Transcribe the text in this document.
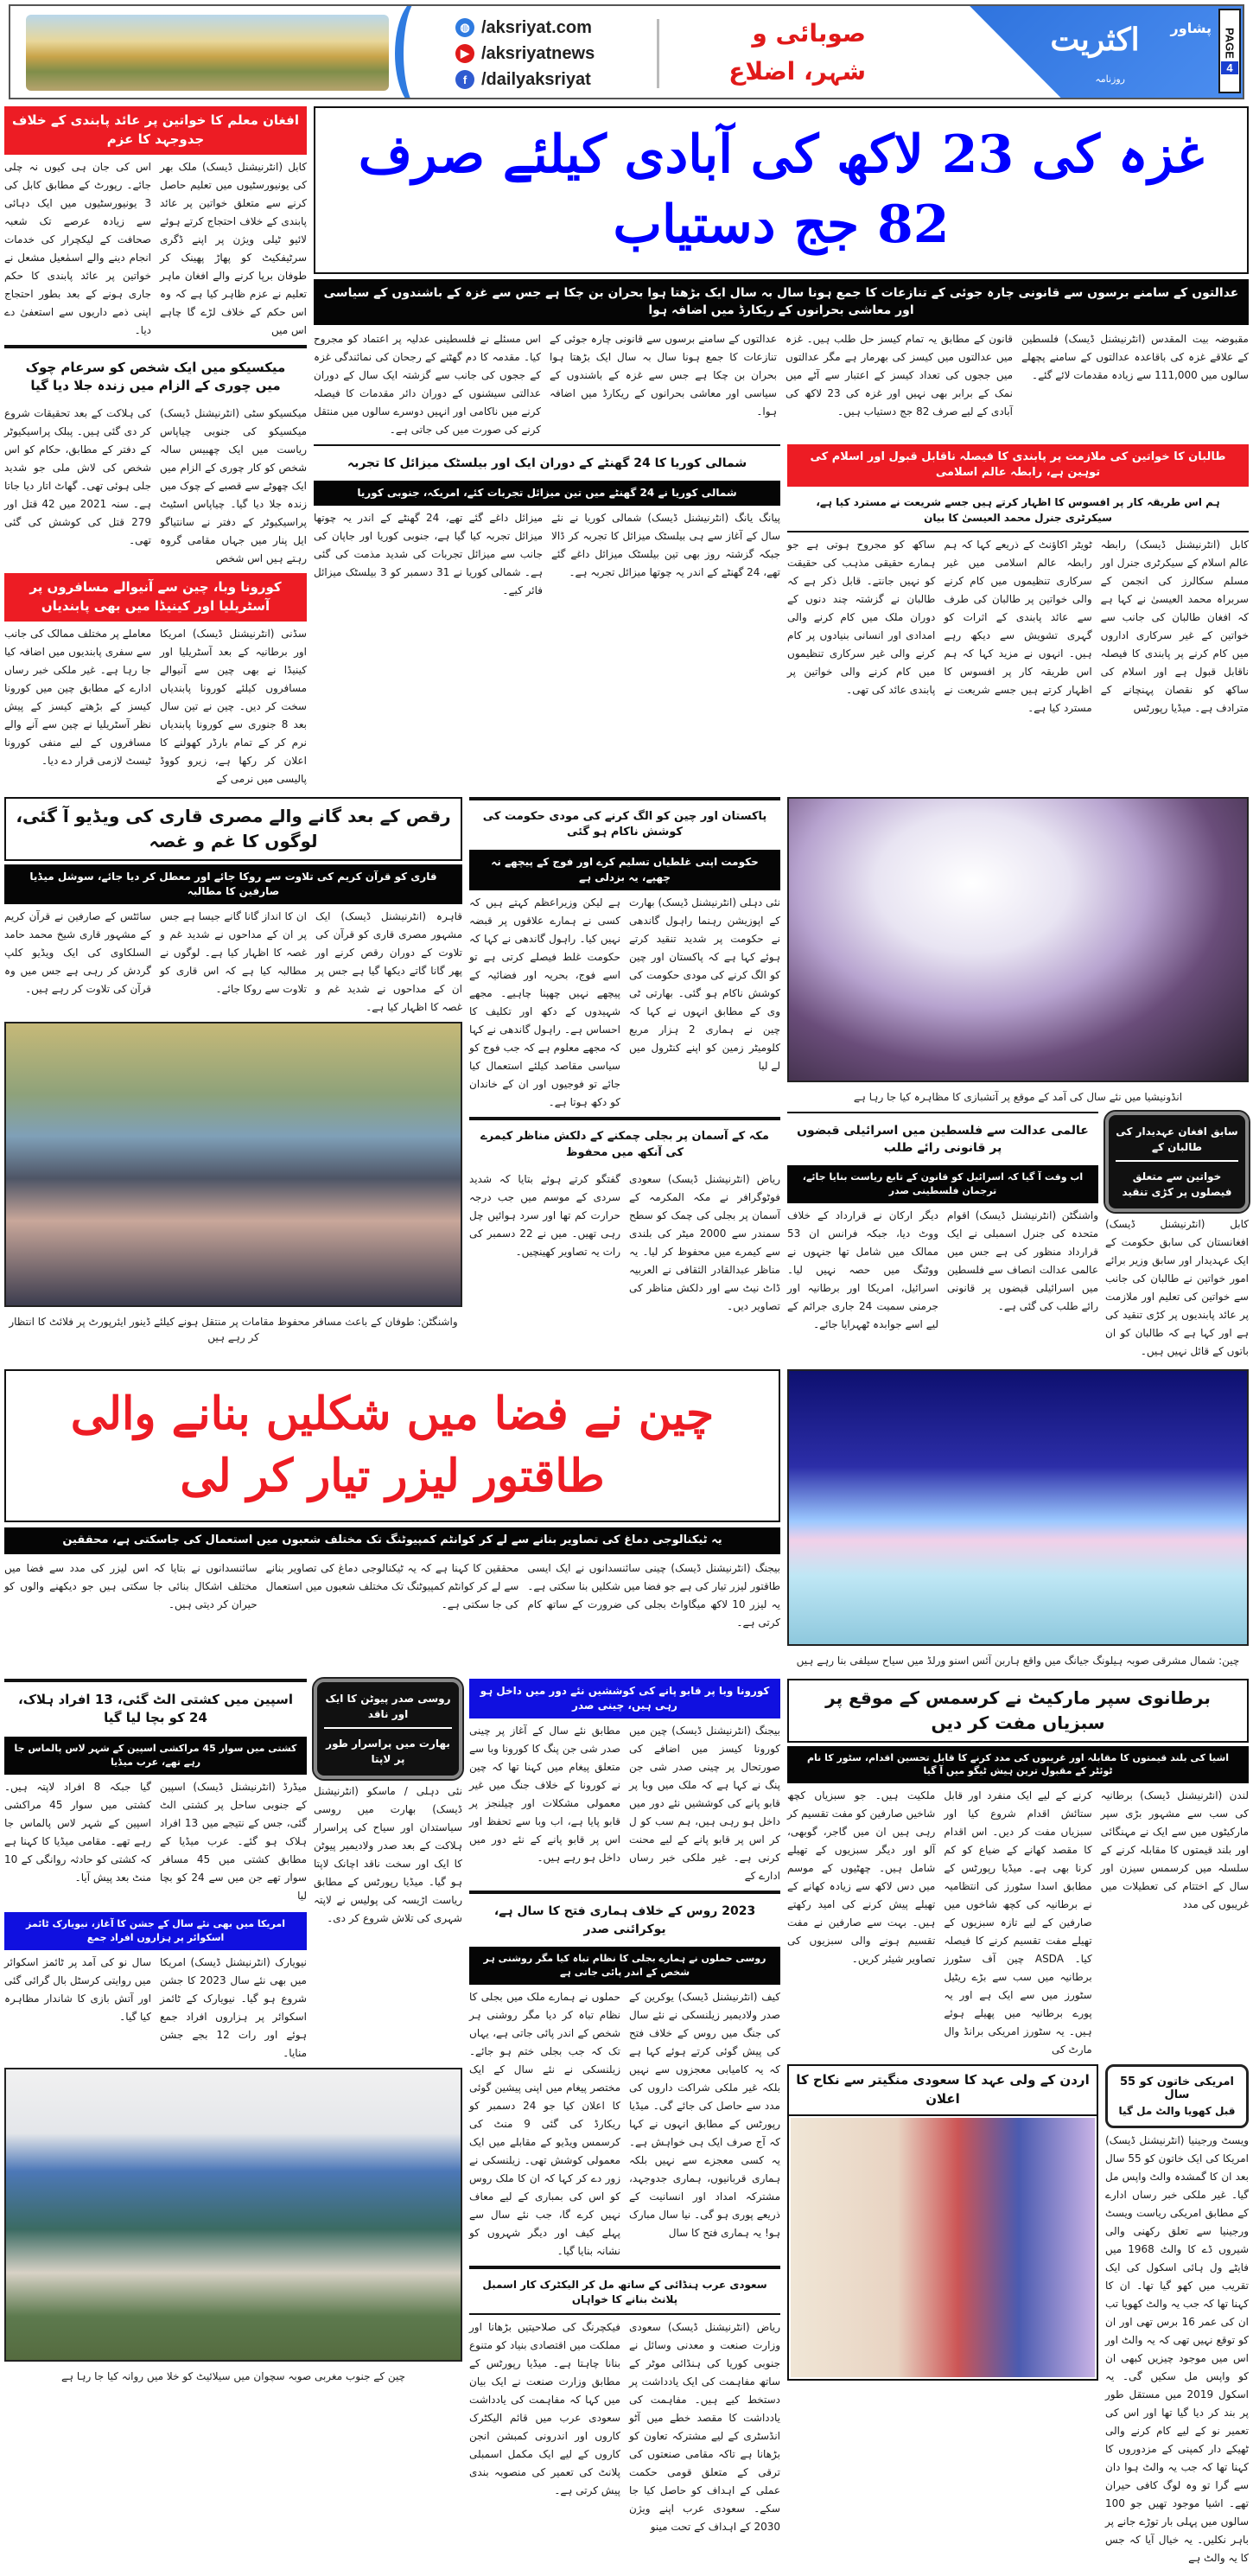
◍ /aksriyat.com
▶ /aksriyatnews
f /dailyaksriyat
صوبائی و
شہر، اضلاع
اکثریت	پشاور
روزنامہ
PAGE
4
افغان معلم کا خواتین پر عائد پابندی کے خلاف جدوجہد کا عزم
کابل (انٹرنیشنل ڈیسک) ملک بھر کی یونیورسٹیوں میں تعلیم حاصل کرنے سے متعلق خواتین پر عائد پابندی کے خلاف احتجاج کرتے ہوئے لائیو ٹیلی ویژن پر اپنے ڈگری سرٹیفکیٹ کو پھاڑ پھینک کر طوفان برپا کرنے والے افغان ماہر تعلیم نے عزم ظاہر کیا ہے کہ وہ اس حکم کے خلاف لڑے گا چاہے اس میں
اس کی جان ہی کیوں نہ چلی جائے۔ رپورٹ کے مطابق کابل کی 3 یونیورسٹیوں میں ایک دہائی سے زیادہ عرصے تک شعبہ صحافت کے لیکچرار کی خدمات انجام دینے والے اسمٰعیل مشعل نے خواتین پر عائد پابندی کا حکم جاری ہونے کے بعد بطور احتجاج اپنی ذمے داریوں سے استعفیٰ دے دیا۔
میکسیکو میں ایک شخص کو سرعام چوک میں چوری کے الزام میں زندہ جلا دیا گیا
میکسیکو سٹی (انٹرنیشنل ڈیسک) میکسیکو کی جنوبی چیاپاس ریاست میں ایک چھبیس سالہ شخص کو کار چوری کے الزام میں ایک چھوٹے سے قصبے کے چوک میں زندہ جلا دیا گیا۔ چیاپاس اسٹیٹ پراسیکیوٹر کے دفتر نے سانتیاگو ایل پنار میں جہاں مقامی گروہ رہتے ہیں اس شخص
کی ہلاکت کے بعد تحقیقات شروع کر دی گئی ہیں۔ پبلک پراسیکیوٹر کے دفتر کے مطابق، حکام کو اس شخص کی لاش ملی جو شدید جلی ہوئی تھی۔ گھاٹ اتار دیا جاتا ہے۔ سنہ 2021 میں 42 قتل اور 279 قتل کی کوشش کی گئی تھی۔
کورونا وبا، چین سے آنیوالے مسافروں پر آسٹریلیا اور کینیڈا میں بھی پابندیاں
سڈنی (انٹرنیشنل ڈیسک) امریکا اور برطانیہ کے بعد آسٹریلیا اور کینیڈا نے بھی چین سے آنیوالے مسافروں کیلئے کورونا پابندیاں سخت کر دیں۔ چین نے تین سال بعد 8 جنوری سے کورونا پابندیاں نرم کر کے تمام بارڈر کھولنے کا اعلان کر رکھا ہے، زیرو کووڈ پالیسی میں نرمی کے
معاملے پر مختلف ممالک کی جانب سے سفری پابندیوں میں اضافہ کیا جا رہا ہے۔ غیر ملکی خبر رساں ادارے کے مطابق چین میں کورونا کیسز کے بڑھتے کیسز کے پیش نظر آسٹریلیا نے چین سے آنے والے مسافروں کے لیے منفی کورونا ٹیسٹ لازمی قرار دے دیا۔
غزہ کی 23 لاکھ کی آبادی کیلئے صرف 82 جج دستیاب
عدالتوں کے سامنے برسوں سے قانونی چارہ جوئی کے تنازعات کا جمع ہونا سال بہ سال ایک بڑھتا ہوا بحران بن چکا ہے جس سے غزہ کے باشندوں کے سیاسی اور معاشی بحرانوں کے ریکارڈ میں اضافہ ہوا
مقبوضہ بیت المقدس (انٹرنیشنل ڈیسک) فلسطین کے علاقے غزہ کی باقاعدہ عدالتوں کے سامنے پچھلے سالوں میں 111,000 سے زیادہ مقدمات لائے گئے۔
قانون کے مطابق یہ تمام کیسز حل طلب ہیں۔ غزہ میں عدالتوں میں کیسز کی بھرمار ہے مگر عدالتوں میں ججوں کی تعداد کیسز کے اعتبار سے آٹے میں نمک کے برابر بھی نہیں اور غزہ کی 23 لاکھ کی آبادی کے لیے صرف 82 جج دستیاب ہیں۔
عدالتوں کے سامنے برسوں سے قانونی چارہ جوئی کے تنازعات کا جمع ہونا سال بہ سال ایک بڑھتا ہوا بحران بن چکا ہے جس سے غزہ کے باشندوں کے سیاسی اور معاشی بحرانوں کے ریکارڈ میں اضافہ ہوا۔
اس مسئلے نے فلسطینی عدلیہ پر اعتماد کو مجروح کیا۔ مقدمہ کا دم گھٹنے کے رجحان کی نمائندگی غزہ کے ججوں کی جانب سے گزشتہ ایک سال کے دوران عدالتی سیشنوں کے دوران دائر مقدمات کا فیصلہ کرنے میں ناکامی اور انہیں دوسرے سالوں میں منتقل کرنے کی صورت میں کی جاتی ہے۔
شمالی کوریا کا 24 گھنٹے کے دوران ایک اور بیلسٹک میزائل کا تجربہ
شمالی کوریا نے 24 گھنٹے میں تین میزائل تجربات کئے، امریکہ، جنوبی کوریا
پیانگ یانگ (انٹرنیشنل ڈیسک) شمالی کوریا نے نئے سال کے آغاز سے ہی بیلسٹک میزائل کا تجربہ کر ڈالا جبکہ گزشتہ روز بھی تین بیلسٹک میزائل داغے گئے تھے، 24 گھنٹے کے اندر یہ چوتھا میزائل تجربہ ہے۔
میزائل داغے گئے تھے، 24 گھنٹے کے اندر یہ چوتھا میزائل تجربہ کیا گیا ہے، جنوبی کوریا اور جاپان کی جانب سے میزائل تجربات کی شدید مذمت کی گئی ہے۔ شمالی کوریا نے 31 دسمبر کو 3 بیلسٹک میزائل فائر کیے۔
طالبان کا خواتین کی ملازمت پر پابندی کا فیصلہ ناقابل قبول اور اسلام کی توہین ہے، رابطہ عالم اسلامی
ہم اس طریقہ کار پر افسوس کا اظہار کرتے ہیں جسے شریعت نے مسترد کیا ہے، سیکرٹری جنرل محمد العیسیٰ کا بیان
کابل (انٹرنیشنل ڈیسک) رابطہ عالم اسلام کے سیکرٹری جنرل اور مسلم سکالرز کی انجمن کے سربراہ محمد العیسیٰ نے کہا ہے کہ افغان طالبان کی جانب سے خواتین کے غیر سرکاری اداروں میں کام کرنے پر پابندی کا فیصلہ ناقابل قبول ہے اور اسلام کی ساکھ کو نقصان پہنچانے کے مترادف ہے۔ میڈیا رپورٹس
ٹویٹر اکاؤنٹ کے ذریعے کہا کہ ہم رابطہ عالم اسلامی میں غیر سرکاری تنظیموں میں کام کرنے والی خواتین پر طالبان کی طرف سے عائد پابندی کے اثرات کو گہری تشویش سے دیکھ رہے ہیں۔ انہوں نے مزید کہا کہ ہم اس طریقہ کار پر افسوس کا اظہار کرتے ہیں جسے شریعت نے مسترد کیا ہے۔
ساکھ کو مجروح ہوتی ہے جو ہمارے حقیقی مذہب کی حقیقت کو نہیں جانتے۔ قابل ذکر ہے کہ طالبان نے گزشتہ چند دنوں کے دوران ملک میں کام کرنے والی امدادی اور انسانی بنیادوں پر کام کرنے والی غیر سرکاری تنظیموں میں کام کرنے والی خواتین پر پابندی عائد کی تھی۔
رقص کے بعد گانے والے مصری قاری کی ویڈیو آ گئی، لوگوں کا غم و غصہ
قاری کو قرآن کریم کی تلاوت سے روکا جائے اور معطل کر دیا جائے، سوشل میڈیا صارفین کا مطالبہ
قاہرہ (انٹرنیشنل ڈیسک) ایک مشہور مصری قاری کو قرآن کی تلاوت کے دوران رقص کرنے اور پھر گانا گاتے دیکھا گیا ہے جس پر ان کے مداحوں نے شدید غم و غصہ کا اظہار کیا ہے۔
ان کا انداز گانا گانے جیسا ہے جس پر ان کے مداحوں نے شدید غم و غصہ کا اظہار کیا ہے۔ لوگوں نے مطالبہ کیا ہے کہ اس قاری کو تلاوت سے روکا جائے۔
سائٹس کے صارفین نے قرآن کریم کے مشہور قاری شیخ محمد حامد السلکاوی کی ایک ویڈیو کلپ گردش کر رہی ہے جس میں وہ قرآن کی تلاوت کر رہے ہیں۔
واشنگٹن: طوفان کے باعث مسافر محفوظ مقامات پر منتقل ہونے کیلئے ڈینور ایئرپورٹ پر فلائٹ کا انتظار کر رہے ہیں
پاکستان اور چین کو الگ کرنے کی مودی حکومت کی کوشش ناکام ہو گئی
حکومت اپنی غلطیاں تسلیم کرے اور فوج کے پیچھے نہ چھپے، یہ بزدلی ہے
نئی دہلی (انٹرنیشنل ڈیسک) بھارت کے اپوزیشن رہنما راہول گاندھی نے حکومت پر شدید تنقید کرتے ہوئے کہا ہے کہ پاکستان اور چین کو الگ کرنے کی مودی حکومت کی کوشش ناکام ہو گئی۔ بھارتی ٹی وی کے مطابق انہوں نے کہا کہ چین نے ہماری 2 ہزار مربع کلومیٹر زمین کو اپنے کنٹرول میں لے لیا
ہے لیکن وزیراعظم کہتے ہیں کہ کسی نے ہمارے علاقوں پر قبضہ نہیں کیا۔ راہول گاندھی نے کہا کہ حکومت غلط فیصلے کرتی ہے تو اسے فوج، بحریہ اور فضائیہ کے پیچھے نہیں چھپنا چاہیے۔ مجھے شہیدوں کے دکھ اور تکلیف کا احساس ہے۔ راہول گاندھی نے کہا کہ مجھے معلوم ہے کہ جب فوج کو سیاسی مقاصد کیلئے استعمال کیا جائے تو فوجیوں اور ان کے خاندان کو دکھ ہوتا ہے۔
مکہ کے آسمان پر بجلی چمکنے کے دلکش مناظر کیمرے کی آنکھ میں محفوظ
ریاض (انٹرنیشنل ڈیسک) سعودی فوٹوگرافر نے مکہ المکرمہ کے آسمان پر بجلی کی چمک کو سطح سمندر سے 2000 میٹر کی بلندی سے کیمرے میں محفوظ کر لیا۔ یہ مناظر عبدالقادر الثقافی نے العربیہ ڈاٹ نیٹ سے اور دلکش مناظر کی تصاویر دیں۔
گفتگو کرتے ہوئے بتایا کہ شدید سردی کے موسم میں جب درجہ حرارت کم تھا اور سرد ہوائیں چل رہی تھیں۔ میں نے 22 دسمبر کی رات یہ تصاویر کھینچیں۔
انڈونیشیا میں نئے سال کی آمد کے موقع پر آتشبازی کا مظاہرہ کیا جا رہا ہے
عالمی عدالت سے فلسطین میں اسرائیلی قبضوں پر قانونی رائے طلب
اب وقت آ گیا کہ اسرائیل کو قانون کے تابع ریاست بنایا جائے، ترجمان فلسطینی صدر
واشنگٹن (انٹرنیشنل ڈیسک) اقوام متحدہ کی جنرل اسمبلی نے ایک قرارداد منظور کی ہے جس میں عالمی عدالت انصاف سے فلسطین میں اسرائیلی قبضوں پر قانونی رائے طلب کی گئی ہے۔
دیگر ارکان نے قرارداد کے خلاف ووٹ دیا، جبکہ فرانس ان 53 ممالک میں شامل تھا جنہوں نے ووٹنگ میں حصہ نہیں لیا۔ اسرائیل، امریکا اور برطانیہ اور جرمنی سمیت 24 جاری جرائم کے لیے اسے جوابدہ ٹھہرایا جائے۔
سابق افغان عہدیدار کی طالبان کے
خواتین سے متعلق فیصلوں پر کڑی تنقید
کابل (انٹرنیشنل ڈیسک) افغانستان کی سابق حکومت کے ایک عہدیدار اور سابق وزیر برائے امور خواتین نے طالبان کی جانب سے خواتین کی تعلیم اور ملازمت پر عائد پابندیوں پر کڑی تنقید کی ہے اور کہا ہے کہ طالبان کو ان باتوں کے قائل نہیں ہیں۔
چین نے فضا میں شکلیں بنانے والی طاقتور لیزر تیار کر لی
یہ ٹیکنالوجی دماغ کی تصاویر بنانے سے لے کر کوانٹم کمپیوٹنگ تک مختلف شعبوں میں استعمال کی جاسکتی ہے، محققین
بیجنگ (انٹرنیشنل ڈیسک) چینی سائنسدانوں نے ایک ایسی طاقتور لیزر تیار کی ہے جو فضا میں شکلیں بنا سکتی ہے۔ یہ لیزر 10 لاکھ میگاواٹ بجلی کی ضرورت کے ساتھ کام کرتی ہے۔
محققین کا کہنا ہے کہ یہ ٹیکنالوجی دماغ کی تصاویر بنانے سے لے کر کوانٹم کمپیوٹنگ تک مختلف شعبوں میں استعمال کی جا سکتی ہے۔
سائنسدانوں نے بتایا کہ اس لیزر کی مدد سے فضا میں مختلف اشکال بنائی جا سکتی ہیں جو دیکھنے والوں کو حیران کر دیتی ہیں۔
چین: شمال مشرقی صوبہ ہیلونگ جیانگ میں واقع ہاربن آئس اسنو ورلڈ میں سیاح سیلفی بنا رہے ہیں
اسپین میں کشتی الٹ گئی، 13 افراد ہلاک، 24 کو بچا لیا گیا
کشتی میں سوار 45 مراکشی اسپین کے شہر لاس پالماس جا رہے تھے، عرب میڈیا
میڈرڈ (انٹرنیشنل ڈیسک) اسپین کے جنوبی ساحل پر کشتی الٹ گئی، جس کے نتیجے میں 13 افراد ہلاک ہو گئے۔ عرب میڈیا کے مطابق کشتی میں 45 مسافر سوار تھے جن میں سے 24 کو بچا لیا
گیا جبکہ 8 افراد لاپتہ ہیں۔ کشتی میں سوار 45 مراکشی اسپین کے شہر لاس پالماس جا رہے تھے۔ مقامی میڈیا کا کہنا ہے کہ کشتی کو حادثہ روانگی کے 10 منٹ بعد پیش آیا۔
امریکا میں بھی نئے سال کے جشن کا آغاز، نیویارک ٹائمز اسکوائر پر ہزاروں افراد جمع
نیویارک (انٹرنیشنل ڈیسک) امریکا میں بھی نئے سال 2023 کا جشن شروع ہو گیا۔ نیویارک کے ٹائمز اسکوائر پر ہزاروں افراد جمع ہوئے اور رات 12 بجے جشن منایا۔
سال نو کی آمد پر ٹائمز اسکوائر میں روایتی کرسٹل بال گرائی گئی اور آتش بازی کا شاندار مظاہرہ کیا گیا۔
روسی صدر پیوٹن کا ایک اور ناقد
بھارت میں پراسرار طور پر لاپتا
نئی دہلی / ماسکو (انٹرنیشنل ڈیسک) بھارت میں روسی سیاستدان اور سیاح کی پراسرار ہلاکت کے بعد صدر ولادیمیر پیوٹن کا ایک اور سخت ناقد اچانک لاپتا ہو گیا۔ میڈیا رپورٹس کے مطابق ریاست اڑیسہ کی پولیس نے لاپتہ شہری کی تلاش شروع کر دی۔
چین کے جنوب مغربی صوبہ سچوان میں سیلائیٹ کو خلا میں روانہ کیا جا رہا ہے
کورونا وبا پر قابو پانے کی کوششیں نئے دور میں داخل ہو رہی ہیں، چینی صدر
بیجنگ (انٹرنیشنل ڈیسک) چین میں کورونا کیسز میں اضافے کی صورتحال پر چینی صدر شی جن پنگ نے کہا ہے کہ ملک میں وبا پر قابو پانے کی کوششیں نئے دور میں داخل ہو رہی ہیں، ہم سب کو ل کر اس پر قابو پانے کے لیے محنت کرنی ہے۔ غیر ملکی خبر رساں ادارے کے
مطابق نئے سال کے آغاز پر چینی صدر شی جن پنگ کا کورونا وبا سے متعلق پیغام میں کہنا تھا کہ چین نے کورونا کے خلاف جنگ میں غیر معمولی مشکلات اور چیلنجز پر قابو پایا ہے، اب وبا سے تحفظ اور اس پر قابو پانے کے نئے دور میں داخل ہو رہے ہیں۔
2023 روس کے خلاف ہماری فتح کا سال ہے، یوکرائنی صدر
روسی حملوں نے ہمارے بجلی کا نظام تباہ کیا مگر روشنی ہر شخص کے اندر پائی جاتی ہے
کیف (انٹرنیشنل ڈیسک) یوکرین کے صدر ولادیمیر زیلنسکی نے نئے سال کی جنگ میں روس کے خلاف فتح کی پیش گوئی کرتے ہوئے کہا ہے کہ یہ کامیابی معجزوں سے نہیں بلکہ غیر ملکی شراکت داروں کی مدد سے حاصل کی جائے گی۔ میڈیا رپورٹس کے مطابق انہوں نے کہا کہ آج صرف ایک ہی خواہش ہے۔ یہ کسی معجزے سے نہیں بلکہ ہماری قربانیوں، ہماری جدوجہد، مشترکہ امداد اور انسانیت کے ذریعے پوری ہو گی۔ نیا سال مبارک ہو! یہ ہماری فتح کا سال
حملوں نے ہمارے ملک میں بجلی کا نظام تباہ کر دیا مگر روشنی ہر شخص کے اندر پائی جاتی ہے، یہاں تک کہ جب بجلی ختم ہو جائے۔ زیلنسکی نے نئے سال کے ایک مختصر پیغام میں اپنی پیشین گوئی کا اعلان کیا جو 24 دسمبر کو ریکارڈ کی گئی 9 منٹ کی کرسمس ویڈیو کے مقابلے میں ایک معمولی کوشش تھی۔ زیلنسکی نے زور دے کر کہا کہ ان کا ملک روس کو اس کی بمباری کے لیے معاف نہیں کرے گا، جب نئے سال سے پہلے کیف اور دیگر شہروں کو نشانہ بنایا گیا۔
سعودی عرب ہنڈائی کے ساتھ مل کر الیکٹرک کار اسمبل پلانٹ بنانے کا خواہاں
ریاض (انٹرنیشنل ڈیسک) سعودی وزارت صنعت و معدنی وسائل نے جنوبی کوریا کی ہنڈائی موٹر کے ساتھ مفاہمت کی ایک یادداشت پر دستخط کیے ہیں۔ مفاہمت کی یادداشت کا مقصد خطے میں آٹو انڈسٹری کے لیے مشترکہ تعاون کو بڑھانا ہے تاکہ مقامی صنعتوں کی ترقی کے متعلق قومی حکمت عملی کے اہداف کو حاصل کیا جا سکے۔ سعودی عرب اپنے ویژن 2030 کے اہداف کے تحت مینو
فیکچرنگ کی صلاحیتیں بڑھانا اور مملکت میں اقتصادی بنیاد کو متنوع بنانا چاہتا ہے۔ میڈیا رپورٹس کے مطابق وزارت صنعت نے ایک بیان میں کہا کہ مفاہمت کی یادداشت سعودی عرب میں قائم الیکٹرک کاروں اور اندرونی کمبشن انجن کاروں کے لیے ایک مکمل اسمبلی پلانٹ کی تعمیر کی منصوبہ بندی پیش کرتی ہے۔
برطانوی سپر مارکیٹ نے کرسمس کے موقع پر سبزیاں مفت کر دیں
اشیا کی بلند قیمتوں کا مقابلہ اور غریبوں کی مدد کرنے کا قابل تحسین اقدام، سٹور کا نام ٹوئٹر کے مقبول ترین ہیش ٹیگو میں آ گیا
لندن (انٹرنیشنل ڈیسک) برطانیہ کی سب سے مشہور بڑی سپر مارکیٹوں میں سے ایک نے مہنگائی اور بلند قیمتوں کا مقابلہ کرنے کے سلسلہ میں کرسمس سیزن اور سال کے اختتام کی تعطیلات میں غریبوں کی مدد
کرنے کے لیے ایک منفرد اور قابل ستائش اقدام شروع کیا اور سبزیاں مفت کر دیں۔ اس اقدام کا مقصد کھانے کے ضیاع کو کم کرنا بھی ہے۔ میڈیا رپورٹس کے مطابق اسدا سٹورز کی انتظامیہ نے برطانیہ کی کچھ شاخوں میں صارفین کے لیے تازہ سبزیوں کے تھیلے مفت تقسیم کرنے کا فیصلہ کیا۔ ASDA چین آف سٹورز برطانیہ میں سب سے بڑے ریٹیل سٹورز میں سے ایک ہے اور یہ پورے برطانیہ میں پھیلے ہوئے ہیں۔ یہ سٹورز امریکی برانڈ وال مارٹ کی
ملکیت ہیں۔ جو سبزیاں کچھ شاخیں صارفین کو مفت تقسیم کر رہی ہیں ان میں گاجر، گوبھی، آلو اور دیگر سبزیوں کے تھیلے شامل ہیں۔ چھٹیوں کے موسم میں دس لاکھ سے زیادہ کھانے کے تھیلے پیش کرنے کی امید رکھتے ہیں۔ بہت سے صارفین نے مفت تقسیم ہونے والی سبزیوں کی تصاویر شیئر کریں۔
امریکی خاتون کو 55 سال
قبل کھویا والٹ مل گیا
ویسٹ ورجینیا (انٹرنیشنل ڈیسک) امریکا کی ایک خاتون کو 55 سال بعد ان کا گمشدہ والٹ واپس مل گیا۔ غیر ملکی خبر رساں ادارے کے مطابق امریکی ریاست ویسٹ ورجینیا سے تعلق رکھنی والی شیروں ڈے کا والٹ 1968 میں فایٹے ول ہائی اسکول کی ایک تقریب میں کھو گیا تھا۔ ان کا کہنا تھا کہ جب یہ والٹ کھویا تب ان کی عمر 16 برس تھی اور ان کو توقع نہیں تھی کہ یہ والٹ اور اس میں موجود چیزیں کبھی ان کو واپس مل سکیں گی۔ یہ اسکول 2019 میں مستقل طور پر بند کر دیا گیا تھا اور اس کی تعمیر نو کے لیے کام کرنے والی ٹھیکے دار کمپنی کے مزدوروں کا کہنا تھا کہ جب یہ والٹ ہوا دان سے گرا تو وہ لوگ کافی حیران تھے۔ اشیا موجود تھیں جو 100 سالوں میں پہلی بار توڑے جانے پر باہر نکلیں۔ یہ خیال آیا کہ جس کا یہ والٹ ہے
اردن کے ولی عہد کا سعودی منگیتر سے نکاح کا اعلان
